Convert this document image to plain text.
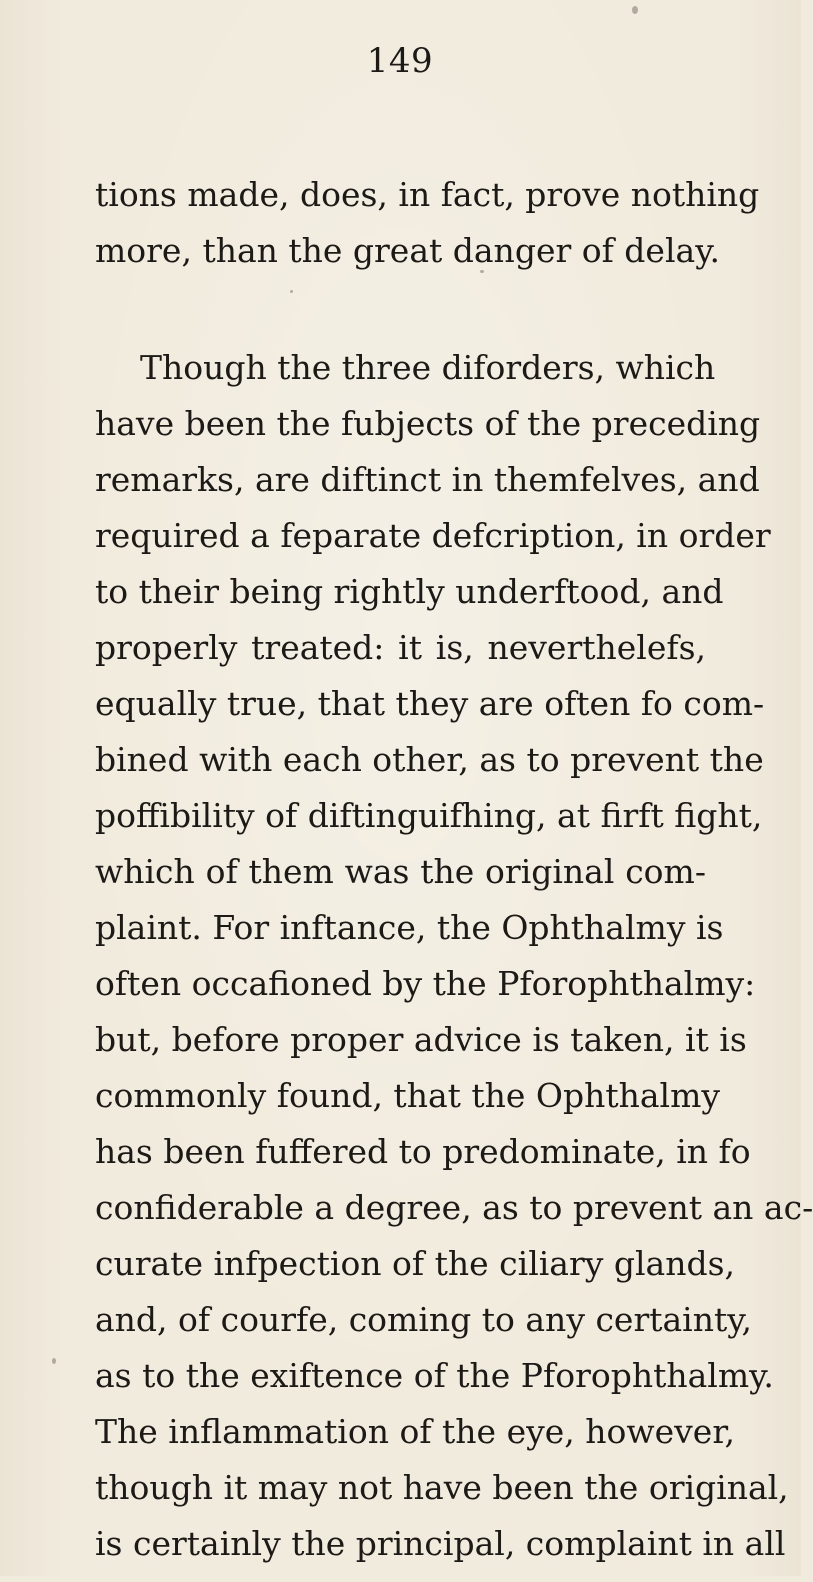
149
tions made, does, in fact, prove nothing
more, than the great danger of delay.
Though the three diforders, which
have been the fubjects of the preceding
remarks, are diftinct in themfelves, and
required a feparate defcription, in order
to their being rightly underftood, and
properly treated: it is, neverthelefs,
equally true, that they are often fo com-
bined with each other, as to prevent the
poffibility of diftinguifhing, at firft fight,
which of them was the original com-
plaint. For inftance, the Ophthalmy is
often occafioned by the Pforophthalmy:
but, before proper advice is taken, it is
commonly found, that the Ophthalmy
has been fuffered to predominate, in fo
confiderable a degree, as to prevent an ac-
curate infpection of the ciliary glands,
and, of courfe, coming to any certainty,
as to the exiftence of the Pforophthalmy.
The inflammation of the eye, however,
though it may not have been the original,
is certainly the principal, complaint in all
